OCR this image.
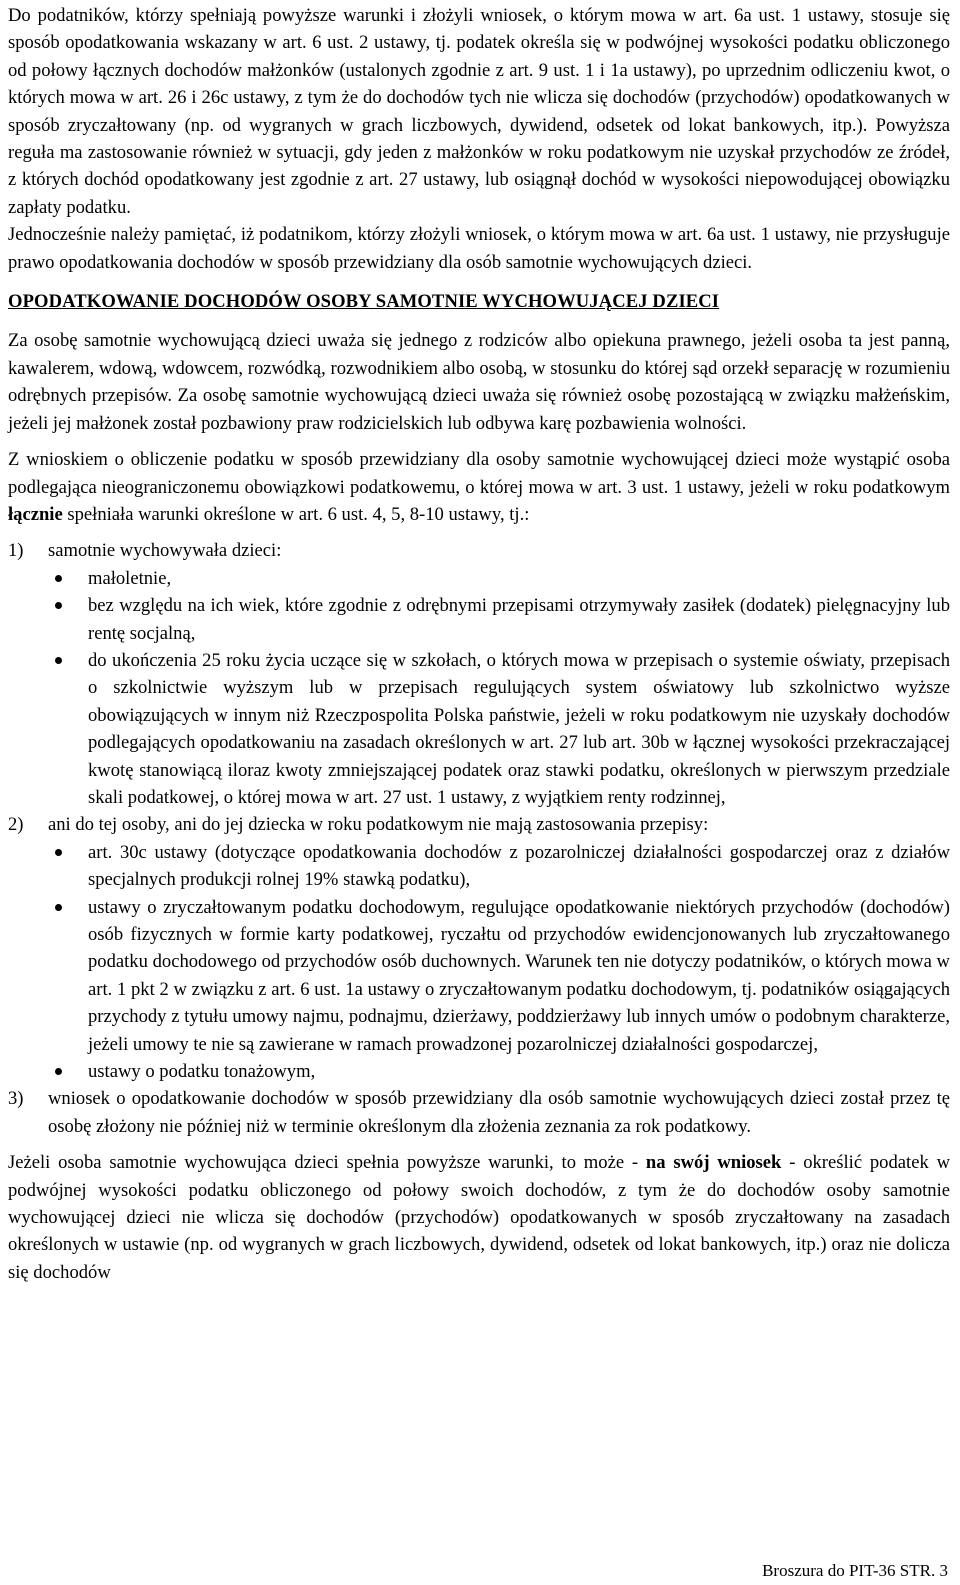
Do podatników, którzy spełniają powyższe warunki i złożyli wniosek, o którym mowa w art. 6a ust. 1 ustawy, stosuje się sposób opodatkowania wskazany w art. 6 ust. 2 ustawy, tj. podatek określa się w podwójnej wysokości podatku obliczonego od połowy łącznych dochodów małżonków (ustalonych zgodnie z art. 9 ust. 1 i 1a ustawy), po uprzednim odliczeniu kwot, o których mowa w art. 26 i 26c ustawy, z tym że do dochodów tych nie wlicza się dochodów (przychodów) opodatkowanych w sposób zryczałtowany (np. od wygranych w grach liczbowych, dywidend, odsetek od lokat bankowych, itp.). Powyższa reguła ma zastosowanie również w sytuacji, gdy jeden z małżonków w roku podatkowym nie uzyskał przychodów ze źródeł, z których dochód opodatkowany jest zgodnie z art. 27 ustawy, lub osiągnął dochód w wysokości niepowodującej obowiązku zapłaty podatku.

Jednocześnie należy pamiętać, iż podatnikom, którzy złożyli wniosek, o którym mowa w art. 6a ust. 1 ustawy, nie przysługuje prawo opodatkowania dochodów w sposób przewidziany dla osób samotnie wychowujących dzieci.

OPODATKOWANIE DOCHODÓW OSOBY SAMOTNIE WYCHOWUJĄCEJ DZIECI

Za osobę samotnie wychowującą dzieci uważa się jednego z rodziców albo opiekuna prawnego, jeżeli osoba ta jest panną, kawalerem, wdową, wdowcem, rozwódką, rozwodnikiem albo osobą, w stosunku do której sąd orzekł separację w rozumieniu odrębnych przepisów. Za osobę samotnie wychowującą dzieci uważa się również osobę pozostającą w związku małżeńskim, jeżeli jej małżonek został pozbawiony praw rodzicielskich lub odbywa karę pozbawienia wolności.

Z wnioskiem o obliczenie podatku w sposób przewidziany dla osoby samotnie wychowującej dzieci może wystąpić osoba podlegająca nieograniczonemu obowiązkowi podatkowemu, o której mowa w art. 3 ust. 1 ustawy, jeżeli w roku podatkowym łącznie spełniała warunki określone w art. 6 ust. 4, 5, 8-10 ustawy, tj.:

1) samotnie wychowywała dzieci:
małoletnie,
bez względu na ich wiek, które zgodnie z odrębnymi przepisami otrzymywały zasiłek (dodatek) pielęgnacyjny lub rentę socjalną,
do ukończenia 25 roku życia uczące się w szkołach, o których mowa w przepisach o systemie oświaty, przepisach o szkolnictwie wyższym lub w przepisach regulujących system oświatowy lub szkolnictwo wyższe obowiązujących w innym niż Rzeczpospolita Polska państwie, jeżeli w roku podatkowym nie uzyskały dochodów podlegających opodatkowaniu na zasadach określonych w art. 27 lub art. 30b w łącznej wysokości przekraczającej kwotę stanowiącą iloraz kwoty zmniejszającej podatek oraz stawki podatku, określonych w pierwszym przedziale skali podatkowej, o której mowa w art. 27 ust. 1 ustawy, z wyjątkiem renty rodzinnej,
2) ani do tej osoby, ani do jej dziecka w roku podatkowym nie mają zastosowania przepisy:
art. 30c ustawy (dotyczące opodatkowania dochodów z pozarolniczej działalności gospodarczej oraz z działów specjalnych produkcji rolnej 19% stawką podatku),
ustawy o zryczałtowanym podatku dochodowym, regulujące opodatkowanie niektórych przychodów (dochodów) osób fizycznych w formie karty podatkowej, ryczałtu od przychodów ewidencjonowanych lub zryczałtowanego podatku dochodowego od przychodów osób duchownych. Warunek ten nie dotyczy podatników, o których mowa w art. 1 pkt 2 w związku z art. 6 ust. 1a ustawy o zryczałtowanym podatku dochodowym, tj. podatników osiągających przychody z tytułu umowy najmu, podnajmu, dzierżawy, poddzierżawy lub innych umów o podobnym charakterze, jeżeli umowy te nie są zawierane w ramach prowadzonej pozarolniczej działalności gospodarczej,
ustawy o podatku tonażowym,
3) wniosek o opodatkowanie dochodów w sposób przewidziany dla osób samotnie wychowujących dzieci został przez tę osobę złożony nie później niż w terminie określonym dla złożenia zeznania za rok podatkowy.

Jeżeli osoba samotnie wychowująca dzieci spełnia powyższe warunki, to może - na swój wniosek - określić podatek w podwójnej wysokości podatku obliczonego od połowy swoich dochodów, z tym że do dochodów osoby samotnie wychowującej dzieci nie wlicza się dochodów (przychodów) opodatkowanych w sposób zryczałtowany na zasadach określonych w ustawie (np. od wygranych w grach liczbowych, dywidend, odsetek od lokat bankowych, itp.) oraz nie dolicza się dochodów

Broszura do PIT-36 STR. 3
